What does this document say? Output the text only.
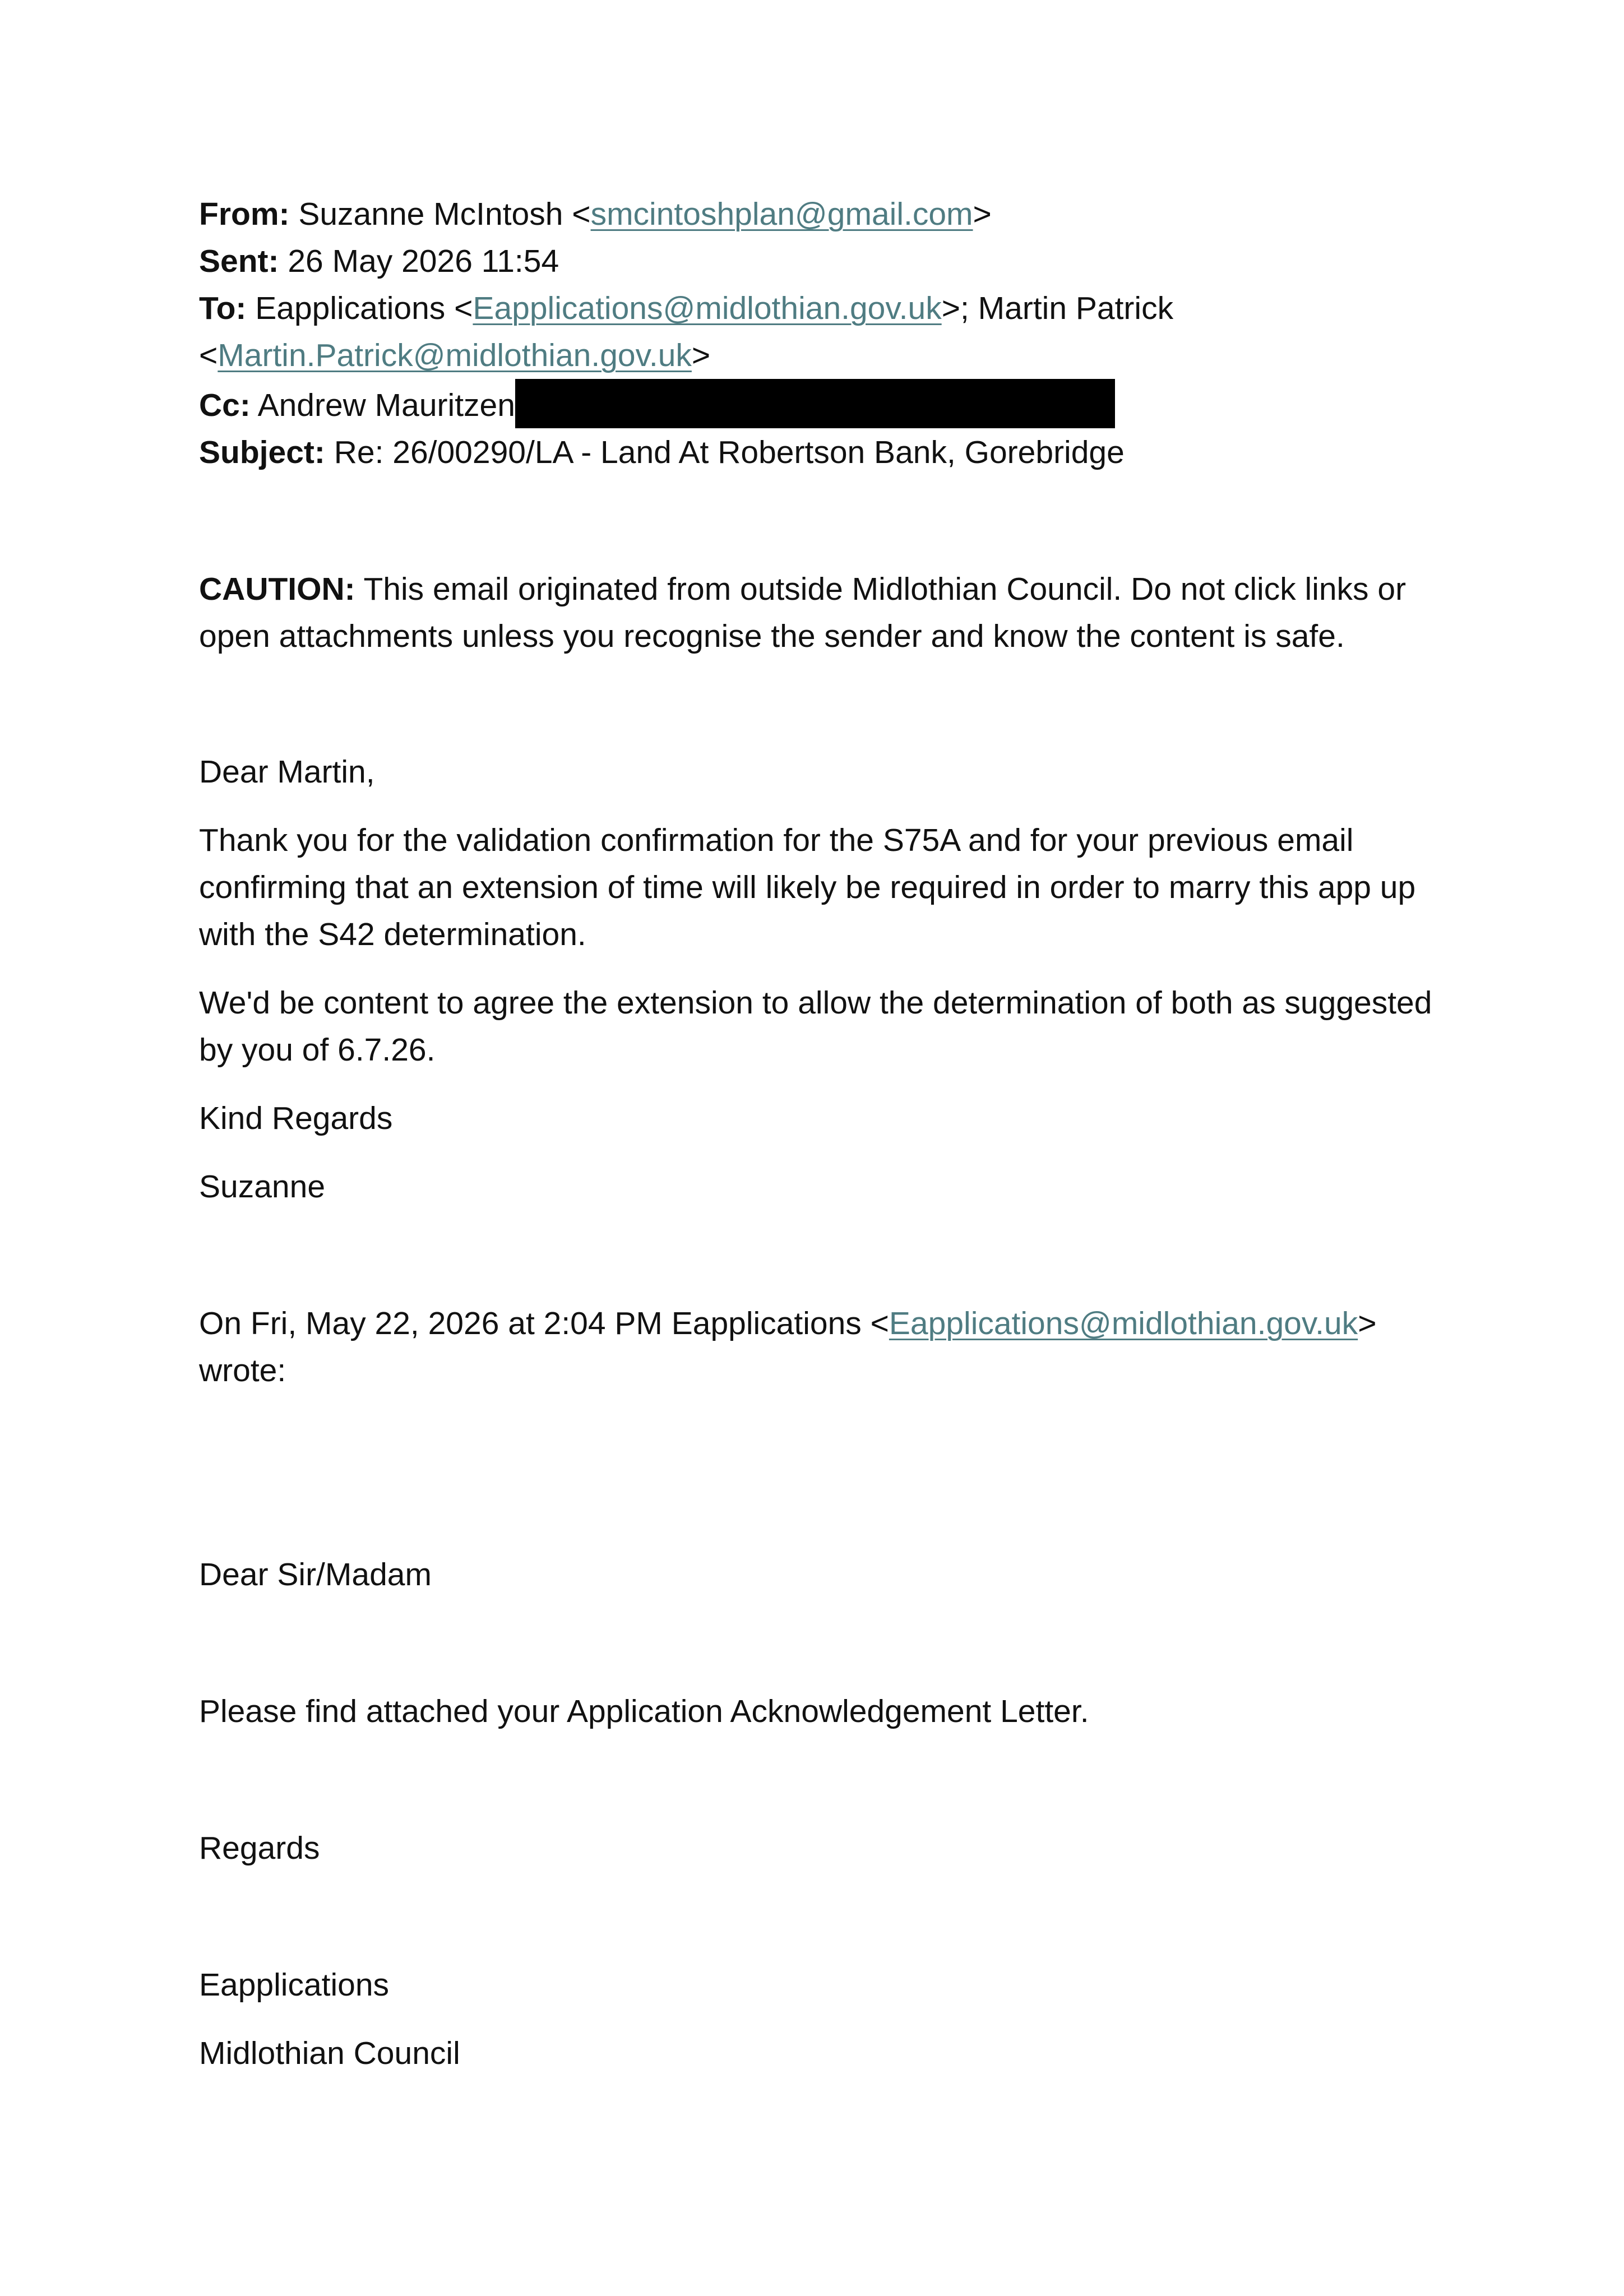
From: Suzanne McIntosh <smcintoshplan@gmail.com>
Sent: 26 May 2026 11:54
To: Eapplications <Eapplications@midlothian.gov.uk>; Martin Patrick
<Martin.Patrick@midlothian.gov.uk>
Cc: Andrew Mauritzen
Subject: Re: 26/00290/LA - Land At Robertson Bank, Gorebridge

CAUTION: This email originated from outside Midlothian Council. Do not click links or open attachments unless you recognise the sender and know the content is safe.

Dear Martin,

Thank you for the validation confirmation for the S75A and for your previous email confirming that an extension of time will likely be required in order to marry this app up with the S42 determination.

We'd be content to agree the extension to allow the determination of both as suggested by you of 6.7.26.

Kind Regards

Suzanne

On Fri, May 22, 2026 at 2:04 PM Eapplications <Eapplications@midlothian.gov.uk>
wrote:
Dear Sir/Madam
Please find attached your Application Acknowledgement Letter.
Regards

Eapplications

Midlothian Council
